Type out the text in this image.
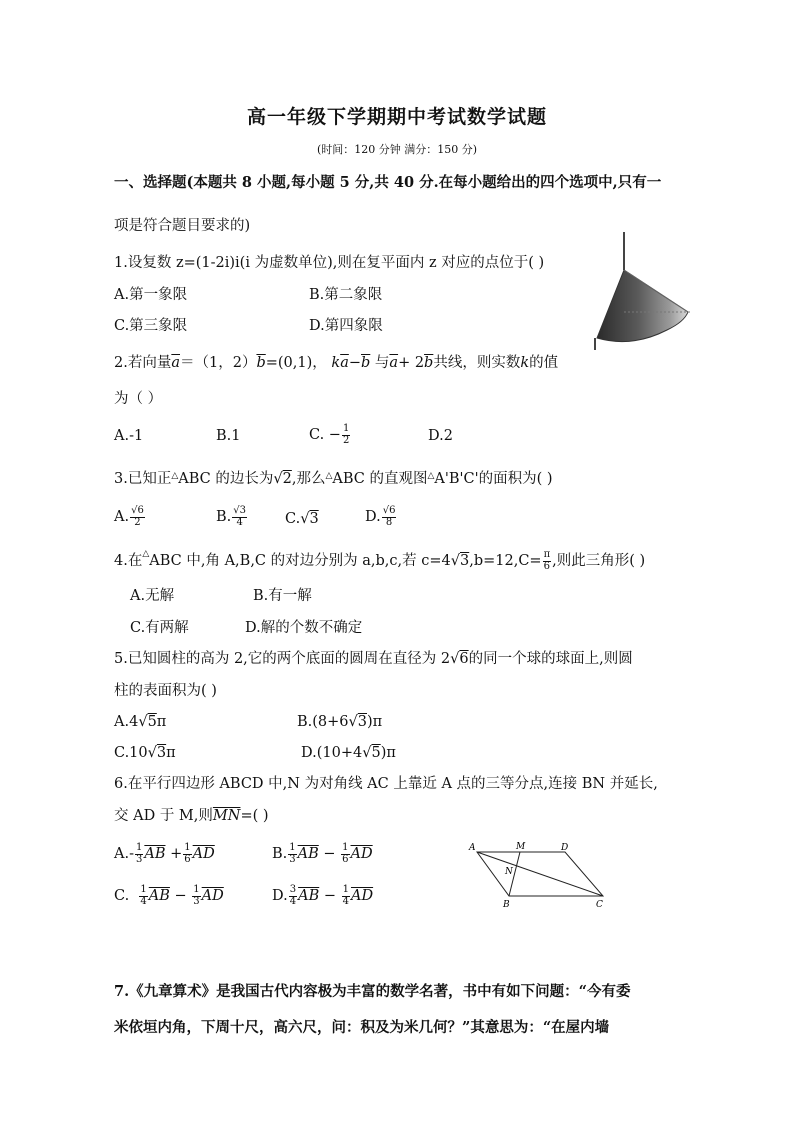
高一年级下学期期中考试数学试题
(时间：120 分钟 满分：150 分)
一、选择题(本题共 8 小题,每小题 5 分,共 40 分.在每小题给出的四个选项中,只有一
项是符合题目要求的)
1.设复数 z=(1-2i)i(i 为虚数单位),则在复平面内 z 对应的点位于( )
A.第一象限	B.第二象限
C.第三象限	D.第四象限
2.若向量$\overline{a}=(1$，$2)\overline{b}=(0,1)$， $k\overline{a}-\overline{b}$ 与$\overline{a}+ 2\overline{b}$共线，则实数k的值
为（ ）
A.-1	B.1	C. − $\frac{1}{2}$	D.2
3.已知正△ABC 的边长为√2,那么△ABC 的直观图△A'B'C'的面积为( )
A. $\frac{√6}{2}$	B. $\frac{√3}{4}$	C.√3	D. $\frac{√6}{8}$
4.在△ABC 中,角 A,B,C 的对边分别为 a,b,c,若 $c=4√3,b=12,C= \frac{\pi}{6}$ ,则此三角形( )
A.无解	B.有一解
C.有两解	D.解的个数不确定
5.已知圆柱的高为 2,它的两个底面的圆周在直径为 2√6的同一个球的球面上,则圆
柱的表面积为( )
A.4√5π	B.(8+6√3)π
C.10√3π	D.(10+4√5)π
6.在平行四边形 ABCD 中,N 为对角线 AC 上靠近 A 点的三等分点,连接 BN 并延长,
交 AD 于 M,则$\overline{MN}=$( )
$A.- \frac{1}{3} \overline{AB} + \frac{1}{6} \overline{AD}$	B. $\frac{1}{3} \overline{AB} - \frac{1}{6} \overline{AD}$
C. $\frac{1}{4} \overline{AB} - \frac{1}{3} \overline{AD}$	D. $\frac{3}{4} \overline{AB} - \frac{1}{4} \overline{AD}$
A	M	D
N
B	C
7.《九章算术》是我国古代内容极为丰富的数学名著，书中有如下问题：“今有委
米依垣内角，下周十尺，高六尺，问：积及为米几何？”其意思为：“在屋内墙
